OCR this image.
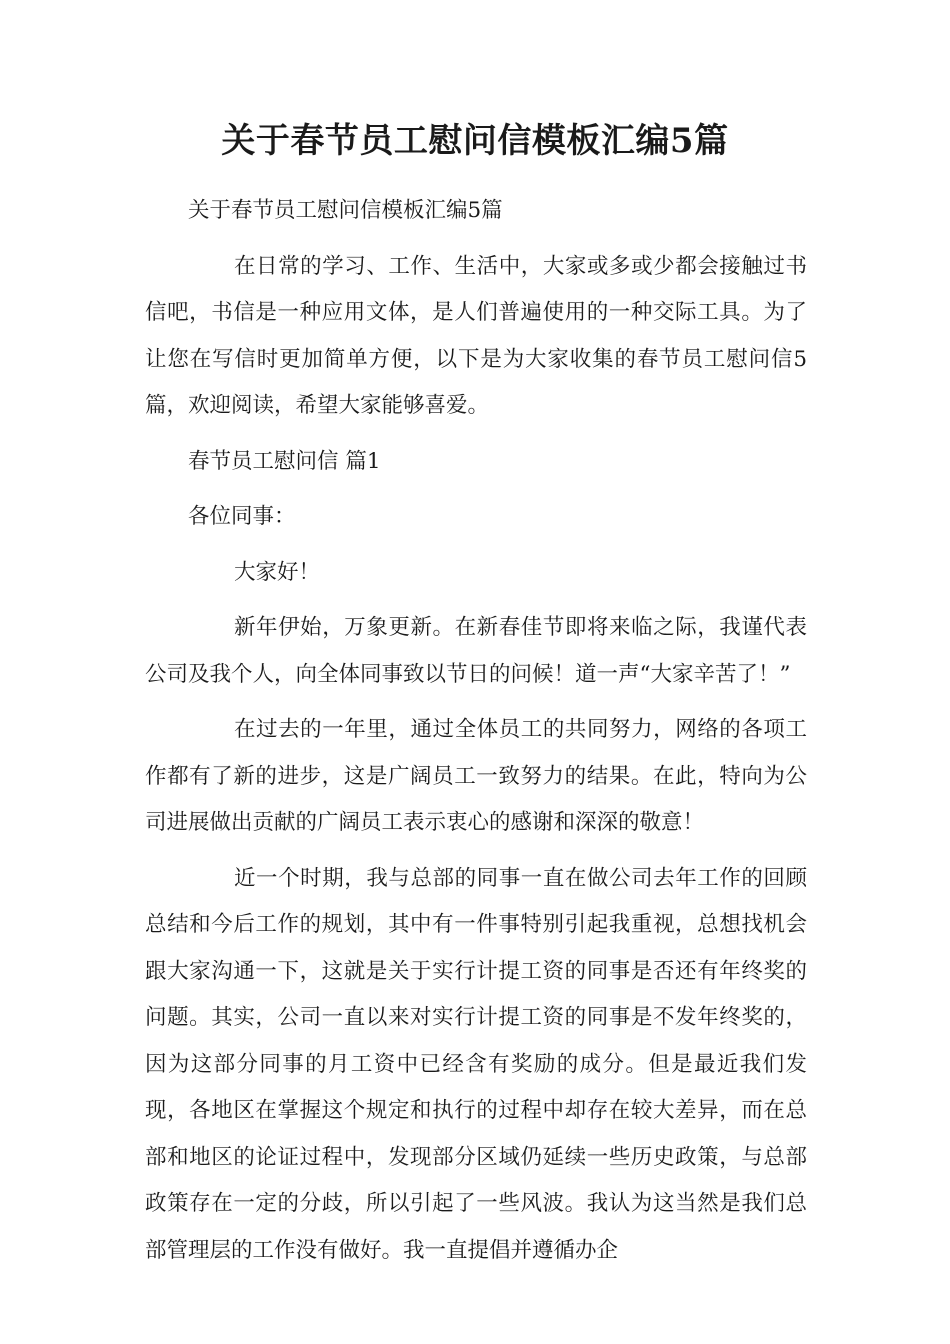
关于春节员工慰问信模板汇编5篇

关于春节员工慰问信模板汇编5篇

在日常的学习、工作、生活中，大家或多或少都会接触过书信吧，书信是一种应用文体，是人们普遍使用的一种交际工具。为了让您在写信时更加简单方便，以下是为大家收集的春节员工慰问信5篇，欢迎阅读，希望大家能够喜爱。

春节员工慰问信 篇1

各位同事：

大家好！

新年伊始，万象更新。在新春佳节即将来临之际，我谨代表公司及我个人，向全体同事致以节日的问候！道一声“大家辛苦了！”

在过去的一年里，通过全体员工的共同努力，网络的各项工作都有了新的进步，这是广阔员工一致努力的结果。在此，特向为公司进展做出贡献的广阔员工表示衷心的感谢和深深的敬意！

近一个时期，我与总部的同事一直在做公司去年工作的回顾总结和今后工作的规划，其中有一件事特别引起我重视，总想找机会跟大家沟通一下，这就是关于实行计提工资的同事是否还有年终奖的问题。其实，公司一直以来对实行计提工资的同事是不发年终奖的，因为这部分同事的月工资中已经含有奖励的成分。但是最近我们发现，各地区在掌握这个规定和执行的过程中却存在较大差异，而在总部和地区的论证过程中，发现部分区域仍延续一些历史政策，与总部政策存在一定的分歧，所以引起了一些风波。我认为这当然是我们总部管理层的工作没有做好。我一直提倡并遵循办企
